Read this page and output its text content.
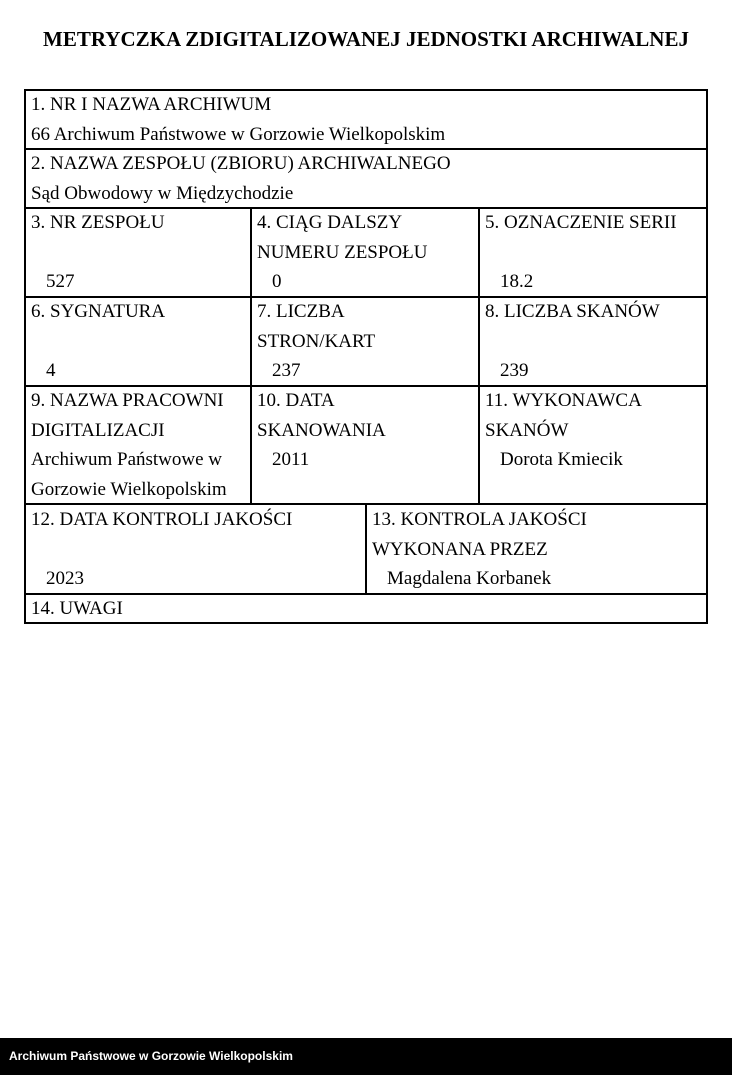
METRYCZKA ZDIGITALIZOWANEJ JEDNOSTKI ARCHIWALNEJ
1. NR I NAZWA ARCHIWUM
66 Archiwum Państwowe w Gorzowie Wielkopolskim
2. NAZWA ZESPOŁU (ZBIORU) ARCHIWALNEGO
Sąd Obwodowy w Międzychodzie
3. NR ZESPOŁU

527
4. CIĄG DALSZY
NUMERU ZESPOŁU
0
5. OZNACZENIE SERII

18.2
6. SYGNATURA

4
7. LICZBA
STRON/KART
237
8. LICZBA SKANÓW

239
9. NAZWA PRACOWNI
DIGITALIZACJI
Archiwum Państwowe w
Gorzowie Wielkopolskim
10. DATA
SKANOWANIA
2011
11. WYKONAWCA
SKANÓW
Dorota Kmiecik
12. DATA KONTROLI JAKOŚCI

2023
13. KONTROLA JAKOŚCI
WYKONANA PRZEZ
Magdalena Korbanek
14. UWAGI
Archiwum Państwowe w Gorzowie Wielkopolskim
